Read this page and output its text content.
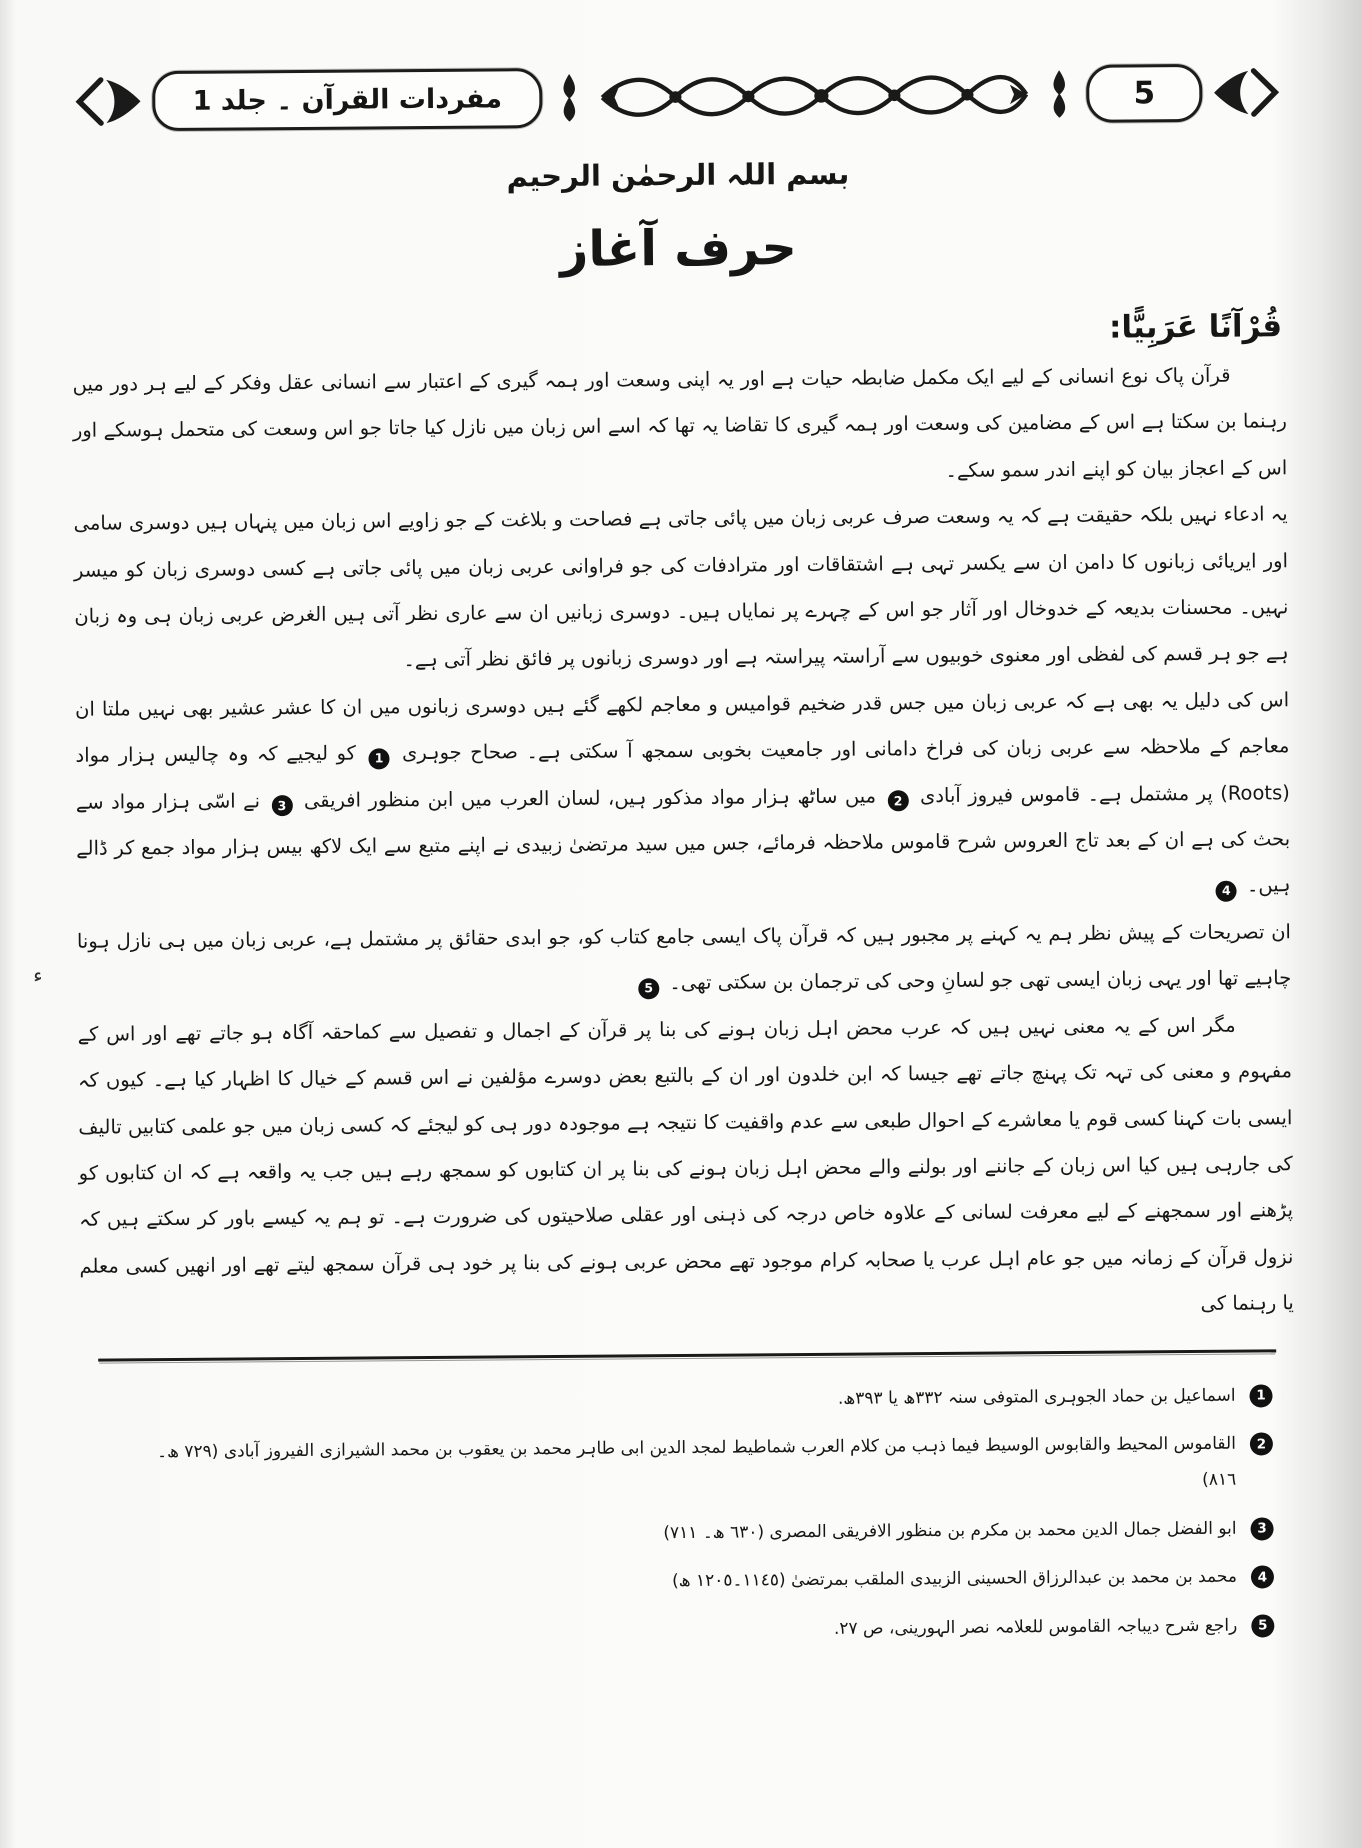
5
مفردات القرآن ۔ جلد 1
بسم اللہ الرحمٰن الرحیم
حرف آغاز
قُرْآنًا عَرَبِيًّا:
قرآن پاک نوع انسانی کے لیے ایک مکمل ضابطہ حیات ہے اور یہ اپنی وسعت اور ہمہ گیری کے اعتبار سے انسانی عقل وفکر کے لیے ہر دور میں رہنما بن سکتا ہے اس کے مضامین کی وسعت اور ہمہ گیری کا تقاضا یہ تھا کہ اسے اس زبان میں نازل کیا جاتا جو اس وسعت کی متحمل ہوسکے اور اس کے اعجاز بیان کو اپنے اندر سمو سکے۔
یہ ادعاء نہیں بلکہ حقیقت ہے کہ یہ وسعت صرف عربی زبان میں پائی جاتی ہے فصاحت و بلاغت کے جو زاویے اس زبان میں پنہاں ہیں دوسری سامی اور ایریائی زبانوں کا دامن ان سے یکسر تہی ہے اشتقاقات اور مترادفات کی جو فراوانی عربی زبان میں پائی جاتی ہے کسی دوسری زبان کو میسر نہیں۔ محسنات بدیعہ کے خدوخال اور آثار جو اس کے چہرے پر نمایاں ہیں۔ دوسری زبانیں ان سے عاری نظر آتی ہیں الغرض عربی زبان ہی وہ زبان ہے جو ہر قسم کی لفظی اور معنوی خوبیوں سے آراستہ پیراستہ ہے اور دوسری زبانوں پر فائق نظر آتی ہے۔
اس کی دلیل یہ بھی ہے کہ عربی زبان میں جس قدر ضخیم قوامیس و معاجم لکھے گئے ہیں دوسری زبانوں میں ان کا عشر عشیر بھی نہیں ملتا ان معاجم کے ملاحظہ سے عربی زبان کی فراخ دامانی اور جامعیت بخوبی سمجھ آ سکتی ہے۔ صحاح جوہری 1 کو لیجیے کہ وہ چالیس ہزار مواد (Roots) پر مشتمل ہے۔ قاموس فیروز آبادی 2 میں ساٹھ ہزار مواد مذکور ہیں، لسان العرب میں ابن منظور افریقی 3 نے اسّی ہزار مواد سے بحث کی ہے ان کے بعد تاج العروس شرح قاموس ملاحظہ فرمائے، جس میں سید مرتضیٰ زبیدی نے اپنے متبع سے ایک لاکھ بیس ہزار مواد جمع کر ڈالے ہیں۔ 4
ان تصریحات کے پیش نظر ہم یہ کہنے پر مجبور ہیں کہ قرآن پاک ایسی جامع کتاب کو، جو ابدی حقائق پر مشتمل ہے، عربی زبان میں ہی نازل ہونا چاہیے تھا اور یہی زبان ایسی تھی جو لسانِ وحی کی ترجمان بن سکتی تھی۔ 5
ء
مگر اس کے یہ معنی نہیں ہیں کہ عرب محض اہل زبان ہونے کی بنا پر قرآن کے اجمال و تفصیل سے کماحقہ آگاہ ہو جاتے تھے اور اس کے مفہوم و معنی کی تہہ تک پہنچ جاتے تھے جیسا کہ ابن خلدون اور ان کے بالتبع بعض دوسرے مؤلفین نے اس قسم کے خیال کا اظہار کیا ہے۔ کیوں کہ ایسی بات کہنا کسی قوم یا معاشرے کے احوال طبعی سے عدم واقفیت کا نتیجہ ہے موجودہ دور ہی کو لیجئے کہ کسی زبان میں جو علمی کتابیں تالیف کی جارہی ہیں کیا اس زبان کے جاننے اور بولنے والے محض اہل زبان ہونے کی بنا پر ان کتابوں کو سمجھ رہے ہیں جب یہ واقعہ ہے کہ ان کتابوں کو پڑھنے اور سمجھنے کے لیے معرفت لسانی کے علاوہ خاص درجہ کی ذہنی اور عقلی صلاحیتوں کی ضرورت ہے۔ تو ہم یہ کیسے باور کر سکتے ہیں کہ نزول قرآن کے زمانہ میں جو عام اہل عرب یا صحابہ کرام موجود تھے محض عربی ہونے کی بنا پر خود ہی قرآن سمجھ لیتے تھے اور انھیں کسی معلم یا رہنما کی
1
اسماعیل بن حماد الجوہری المتوفی سنہ ٣٣٢ھ یا ٣٩٣ھ.
2
القاموس المحیط والقابوس الوسیط فیما ذہب من کلام العرب شماطیط لمجد الدین ابی طاہر محمد بن یعقوب بن محمد الشیرازی الفیروز آبادی (٧٢٩ ھ۔ ٨١٦)
3
ابو الفضل جمال الدین محمد بن مکرم بن منظور الافریقی المصری (٦٣٠ ھ۔ ٧١١)
4
محمد بن محمد بن عبدالرزاق الحسینی الزبیدی الملقب بمرتضیٰ (١١٤٥۔١٢٠٥ ھ)
5
راجع شرح دیباجہ القاموس للعلامہ نصر الہورینی، ص ٢٧.
